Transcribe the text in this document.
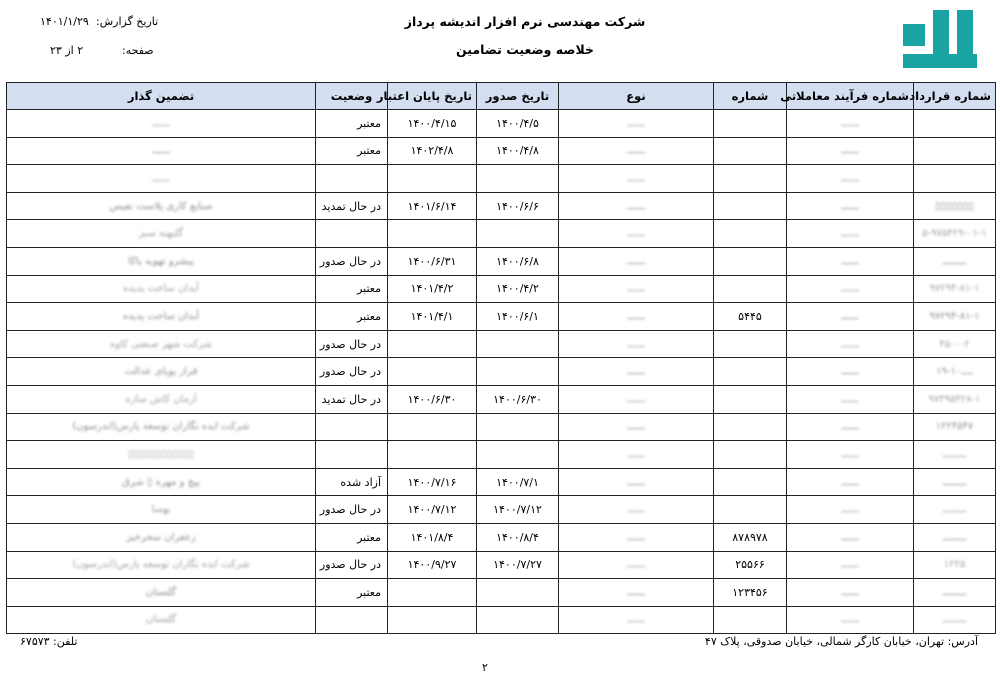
شرکت مهندسی نرم افزار اندیشه پرداز
خلاصه وضعیت تضامین
تاریخ گزارش:
۱۴۰۱/۱/۲۹
صفحه:
۲ از ۲۳
شماره قرارداد	شماره فرآیند معاملاتی	شماره	نوع	تاریخ صدور	تاریخ پایان اعتبار	وضعیت	تضمین گذار
	ــــــ		ــــــ	۱۴۰۰/۴/۵	۱۴۰۰/۴/۱۵	معتبر	ــــــ
	ــــــ		ــــــ	۱۴۰۰/۴/۸	۱۴۰۲/۴/۸	معتبر	ــــــ
	ــــــ		ــــــ				ــــــ
▯▯▯▯▯▯▯	ــــــ		ــــــ	۱۴۰۰/۶/۶	۱۴۰۱/۶/۱۴	در حال تمدید	صنایع کاری پلاست نفیس
۵-۹۷۵۴۲۹-۰۱-۱	ــــــ		ــــــ				گلبهنه سبز
ــــــــ	ــــــ		ــــــ	۱۴۰۰/۶/۸	۱۴۰۰/۶/۳۱	در حال صدور	پیشرو تهویه پاکا
۹۷۲۹۴-۸۱-۱	ــــــ		ــــــ	۱۴۰۰/۴/۲	۱۴۰۱/۴/۲	معتبر	آبدان ساخت پدیده
۹۷۲۹۴-۸۱-۱	ــــــ	۵۴۴۵	ــــــ	۱۴۰۰/۶/۱	۱۴۰۱/۴/۱	معتبر	آبدان ساخت پدیده
۴۵-۰۰۲	ــــــ		ــــــ			در حال صدور	شرکت شهر صنعتی کاوه
ــــ۱۰-۱۹	ــــــ		ــــــ			در حال صدور	فراز پویای عدالت
۹۷۴۹۵۴۲۸-۱	ــــــ		ــــــ	۱۴۰۰/۶/۳۰	۱۴۰۰/۶/۳۰	در حال تمدید	آرمان کاش سازه
۱۲۲۴۵۴۷	ــــــ		ــــــ				شرکت ایده نگاران توسعه پارس(اندرسون)
ــــــــ	ــــــ		ــــــ				▯▯▯▯▯▯▯▯▯▯▯▯
ــــــــ	ــــــ		ــــــ	۱۴۰۰/۷/۱	۱۴۰۰/۷/۱۶	آزاد شده	پیچ و مهره ▯ شرق
ــــــــ	ــــــ		ــــــ	۱۴۰۰/۷/۱۲	۱۴۰۰/۷/۱۲	در حال صدور	بهسا
ــــــــ	ــــــ	۸۷۸۹۷۸	ــــــ	۱۴۰۰/۸/۴	۱۴۰۱/۸/۴	معتبر	زعفران سحرخیز
۱۲۲۵	ــــــ	۲۵۵۶۶	ــــــ	۱۴۰۰/۷/۲۷	۱۴۰۰/۹/۲۷	در حال صدور	شرکت ایده نگاران توسعه پارس(اندرسون)
ــــــــ	ــــــ	۱۲۳۴۵۶	ــــــ			معتبر	گلستان
ــــــــ	ــــــ		ــــــ				گلستان
آدرس: تهران، خیابان کارگر شمالی، خیابان صدوقی، پلاک ۴۷
تلفن: ۶۷۵۷۳
۲
